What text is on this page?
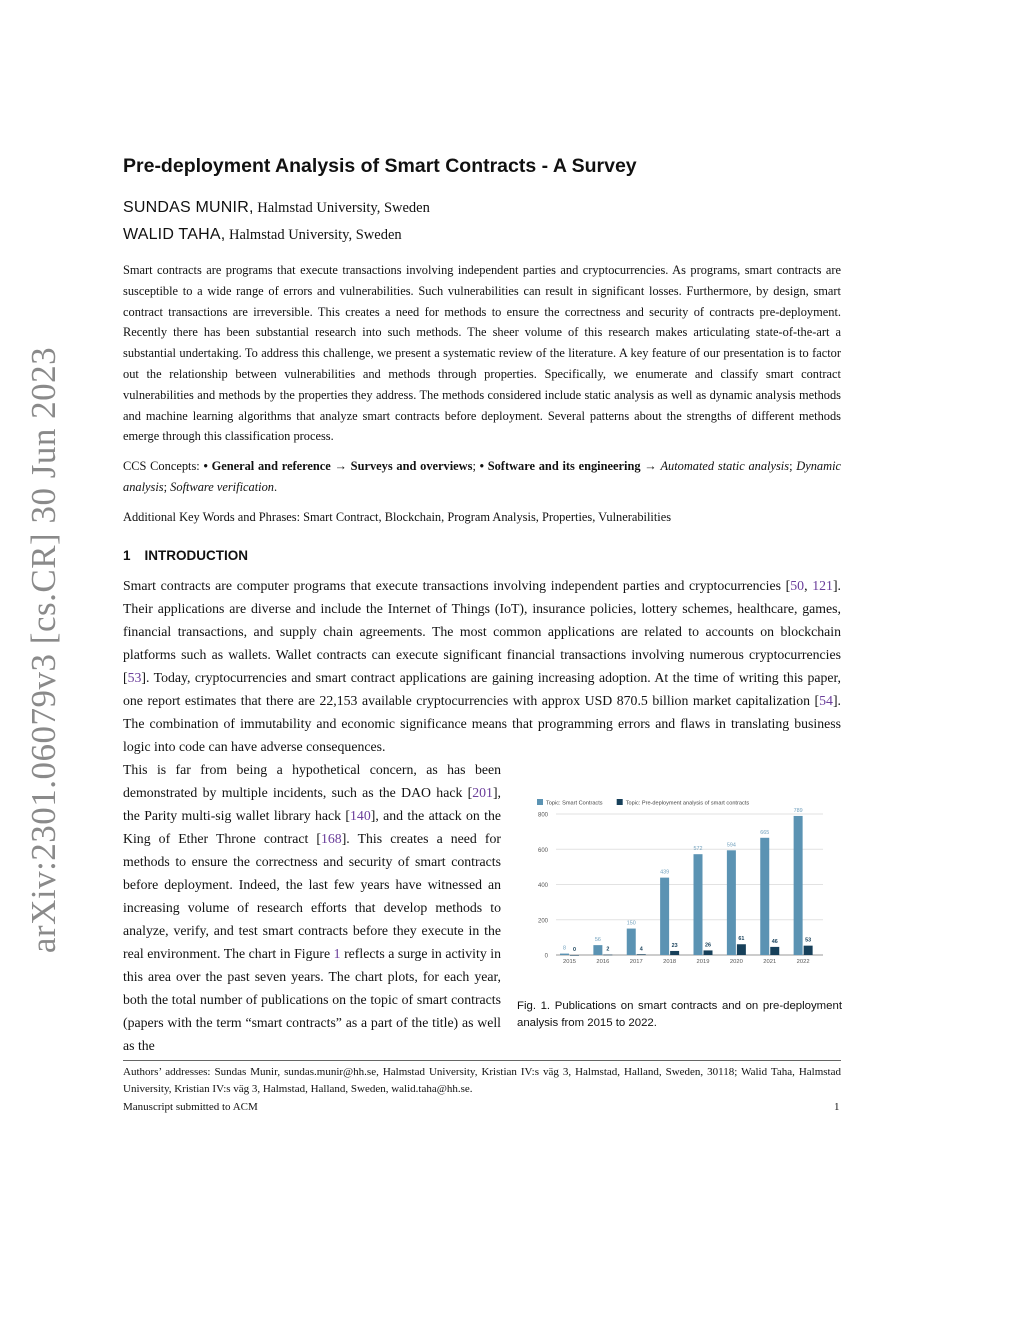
arXiv:2301.06079v3 [cs.CR] 30 Jun 2023
Pre-deployment Analysis of Smart Contracts - A Survey
SUNDAS MUNIR, Halmstad University, Sweden
WALID TAHA, Halmstad University, Sweden

Smart contracts are programs that execute transactions involving independent parties and cryptocurrencies. As programs, smart contracts are susceptible to a wide range of errors and vulnerabilities. Such vulnerabilities can result in significant losses. Furthermore, by design, smart contract transactions are irreversible. This creates a need for methods to ensure the correctness and security of contracts pre-deployment. Recently there has been substantial research into such methods. The sheer volume of this research makes articulating state-of-the-art a substantial undertaking. To address this challenge, we present a systematic review of the literature. A key feature of our presentation is to factor out the relationship between vulnerabilities and methods through properties. Specifically, we enumerate and classify smart contract vulnerabilities and methods by the properties they address. The methods considered include static analysis as well as dynamic analysis methods and machine learning algorithms that analyze smart contracts before deployment. Several patterns about the strengths of different methods emerge through this classification process.

CCS Concepts: • General and reference → Surveys and overviews; • Software and its engineering → Automated static analysis; Dynamic analysis; Software verification.

Additional Key Words and Phrases: Smart Contract, Blockchain, Program Analysis, Properties, Vulnerabilities

1 INTRODUCTION

Smart contracts are computer programs that execute transactions involving independent parties and cryptocurrencies [50, 121]. Their applications are diverse and include the Internet of Things (IoT), insurance policies, lottery schemes, healthcare, games, financial transactions, and supply chain agreements. The most common applications are related to accounts on blockchain platforms such as wallets. Wallet contracts can execute significant financial transactions involving numerous cryptocurrencies [53]. Today, cryptocurrencies and smart contract applications are gaining increasing adoption. At the time of writing this paper, one report estimates that there are 22,153 available cryptocurrencies with approx USD 870.5 billion market capitalization [54]. The combination of immutability and economic significance means that programming errors and flaws in translating business logic into code can have adverse consequences.

This is far from being a hypothetical concern, as has been demonstrated by multiple incidents, such as the DAO hack [201], the Parity multi-sig wallet library hack [140], and the attack on the King of Ether Throne contract [168]. This creates a need for methods to ensure the correctness and security of smart contracts before deployment. Indeed, the last few years have witnessed an increasing volume of research efforts that develop methods to analyze, verify, and test smart contracts before they execute in the real environment. The chart in Figure 1 reflects a surge in activity in this area over the past seven years. The chart plots, for each year, both the total number of publications on the topic of smart contracts (papers with the term “smart contracts” as a part of the title) as well as the

0
200
400
600
800
Topic: Smart Contracts	Topic: Pre-deployment analysis of smart contracts
8 0
2015
56
2
2016
150
4
2017
439
23
2018
572
26
2019
594
61
2020
665
46
2021
789
53
2022

Fig. 1. Publications on smart contracts and on pre-deployment analysis from 2015 to 2022.

Authors’ addresses: Sundas Munir, sundas.munir@hh.se, Halmstad University, Kristian IV:s väg 3, Halmstad, Halland, Sweden, 30118; Walid Taha, Halmstad University, Kristian IV:s väg 3, Halmstad, Halland, Sweden, walid.taha@hh.se.

Manuscript submitted to ACM	1
